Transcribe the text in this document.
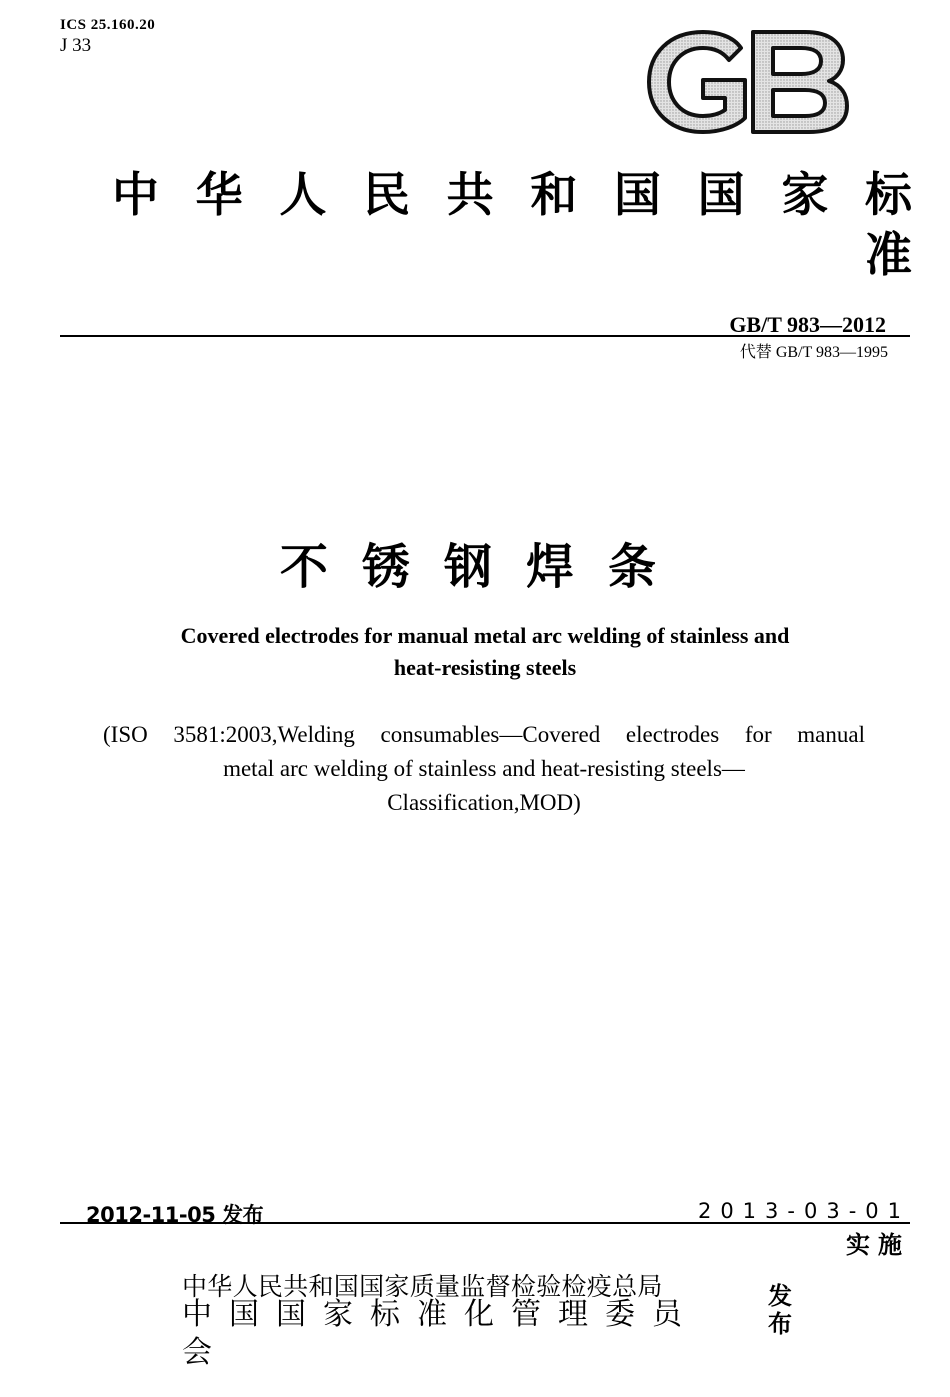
ICS 25.160.20
J 33
中华人民共和国国家标
准
GB/T 983—2012
代替 GB/T 983—1995
不锈钢焊条
Covered electrodes for manual metal arc welding of stainless and
heat-resisting steels
(ISO 3581:2003,Welding consumables—Covered electrodes for manual
metal arc welding of stainless and heat-resisting steels—
Classification,MOD)
2012-11-05 发布	2013-03-01
实施
中华人民共和国国家质量监督检验检疫总局
中国国家标准化管理委员
会
发布
